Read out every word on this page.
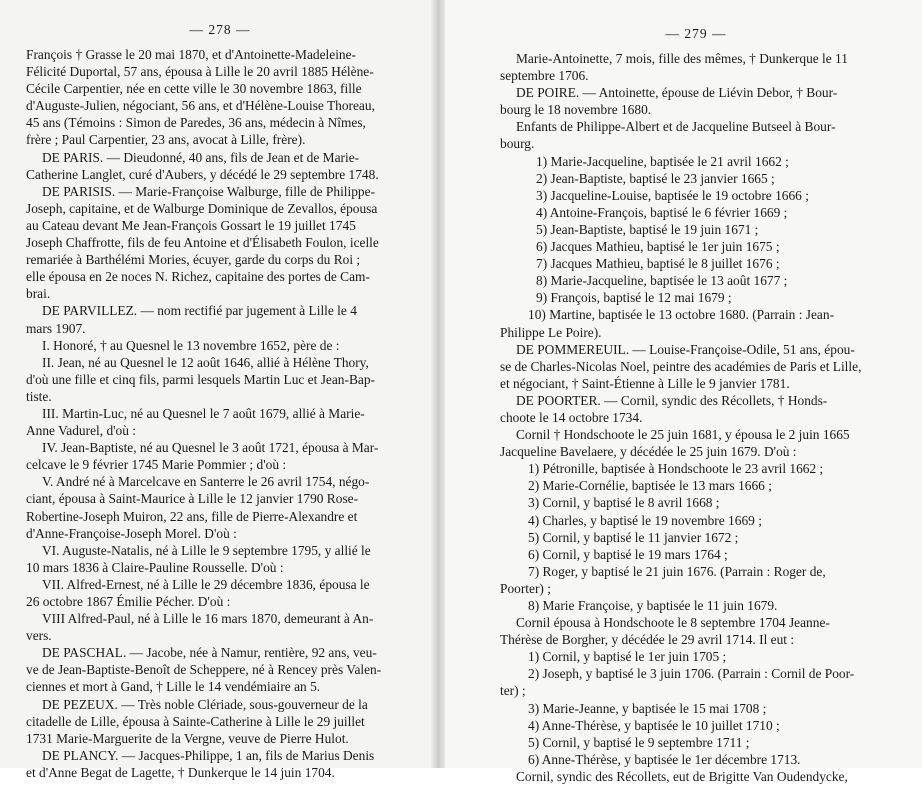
— 278 —
François † Grasse le 20 mai 1870, et d'Antoinette-Madeleine-
Félicité Duportal, 57 ans, épousa à Lille le 20 avril 1885 Hélène-
Cécile Carpentier, née en cette ville le 30 novembre 1863, fille
d'Auguste-Julien, négociant, 56 ans, et d'Hélène-Louise Thoreau,
45 ans (Témoins : Simon de Paredes, 36 ans, médecin à Nîmes,
frère ; Paul Carpentier, 23 ans, avocat à Lille, frère).
DE PARIS. — Dieudonné, 40 ans, fils de Jean et de Marie-
Catherine Langlet, curé d'Aubers, y décédé le 29 septembre 1748.
DE PARISIS. — Marie-Françoise Walburge, fille de Philippe-
Joseph, capitaine, et de Walburge Dominique de Zevallos, épousa
au Cateau devant Me Jean-François Gossart le 19 juillet 1745
Joseph Chaffrotte, fils de feu Antoine et d'Élisabeth Foulon, icelle
remariée à Barthélémi Mories, écuyer, garde du corps du Roi ;
elle épousa en 2e noces N. Richez, capitaine des portes de Cam-
brai.
DE PARVILLEZ. — nom rectifié par jugement à Lille le 4
mars 1907.
I. Honoré, † au Quesnel le 13 novembre 1652, père de :
II. Jean, né au Quesnel le 12 août 1646, allié à Hélène Thory,
d'où une fille et cinq fils, parmi lesquels Martin Luc et Jean-Bap-
tiste.
III. Martin-Luc, né au Quesnel le 7 août 1679, allié à Marie-
Anne Vadurel, d'où :
IV. Jean-Baptiste, né au Quesnel le 3 août 1721, épousa à Mar-
celcave le 9 février 1745 Marie Pommier ; d'où :
V. André né à Marcelcave en Santerre le 26 avril 1754, négo-
ciant, épousa à Saint-Maurice à Lille le 12 janvier 1790 Rose-
Robertine-Joseph Muiron, 22 ans, fille de Pierre-Alexandre et
d'Anne-Françoise-Joseph Morel. D'où :
VI. Auguste-Natalis, né à Lille le 9 septembre 1795, y allié le
10 mars 1836 à Claire-Pauline Rousselle. D'où :
VII. Alfred-Ernest, né à Lille le 29 décembre 1836, épousa le
26 octobre 1867 Émilie Pécher. D'où :
VIII Alfred-Paul, né à Lille le 16 mars 1870, demeurant à An-
vers.
DE PASCHAL. — Jacobe, née à Namur, rentière, 92 ans, veu-
ve de Jean-Baptiste-Benoît de Scheppere, né à Rencey près Valen-
ciennes et mort à Gand, † Lille le 14 vendémiaire an 5.
DE PEZEUX. — Très noble Clériade, sous-gouverneur de la
citadelle de Lille, épousa à Sainte-Catherine à Lille le 29 juillet
1731 Marie-Marguerite de la Vergne, veuve de Pierre Hulot.
DE PLANCY. — Jacques-Philippe, 1 an, fils de Marius Denis
et d'Anne Begat de Lagette, † Dunkerque le 14 juin 1704.
— 279 —
Marie-Antoinette, 7 mois, fille des mêmes, † Dunkerque le 11
septembre 1706.
DE POIRE. — Antoinette, épouse de Liévin Debor, † Bour-
bourg le 18 novembre 1680.
Enfants de Philippe-Albert et de Jacqueline Butseel à Bour-
bourg.
1) Marie-Jacqueline, baptisée le 21 avril 1662 ;
2) Jean-Baptiste, baptisé le 23 janvier 1665 ;
3) Jacqueline-Louise, baptisée le 19 octobre 1666 ;
4) Antoine-François, baptisé le 6 février 1669 ;
5) Jean-Baptiste, baptisé le 19 juin 1671 ;
6) Jacques Mathieu, baptisé le 1er juin 1675 ;
7) Jacques Mathieu, baptisé le 8 juillet 1676 ;
8) Marie-Jacqueline, baptisée le 13 août 1677 ;
9) François, baptisé le 12 mai 1679 ;
10) Martine, baptisée le 13 octobre 1680. (Parrain : Jean-
Philippe Le Poire).
DE POMMEREUIL. — Louise-Françoise-Odile, 51 ans, épou-
se de Charles-Nicolas Noel, peintre des académies de Paris et Lille,
et négociant, † Saint-Étienne à Lille le 9 janvier 1781.
DE POORTER. — Cornil, syndic des Récollets, † Honds-
choote le 14 octobre 1734.
Cornil † Hondschoote le 25 juin 1681, y épousa le 2 juin 1665
Jacqueline Bavelaere, y décédée le 25 juin 1679. D'où :
1) Pétronille, baptisée à Hondschoote le 23 avril 1662 ;
2) Marie-Cornélie, baptisée le 13 mars 1666 ;
3) Cornil, y baptisé le 8 avril 1668 ;
4) Charles, y baptisé le 19 novembre 1669 ;
5) Cornil, y baptisé le 11 janvier 1672 ;
6) Cornil, y baptisé le 19 mars 1764 ;
7) Roger, y baptisé le 21 juin 1676. (Parrain : Roger de,
Poorter) ;
8) Marie Françoise, y baptisée le 11 juin 1679.
Cornil épousa à Hondschoote le 8 septembre 1704 Jeanne-
Thérèse de Borgher, y décédée le 29 avril 1714. Il eut :
1) Cornil, y baptisé le 1er juin 1705 ;
2) Joseph, y baptisé le 3 juin 1706. (Parrain : Cornil de Poor-
ter) ;
3) Marie-Jeanne, y baptisée le 15 mai 1708 ;
4) Anne-Thérèse, y baptisée le 10 juillet 1710 ;
5) Cornil, y baptisé le 9 septembre 1711 ;
6) Anne-Thérèse, y baptisée le 1er décembre 1713.
Cornil, syndic des Récollets, eut de Brigitte Van Oudendycke,
